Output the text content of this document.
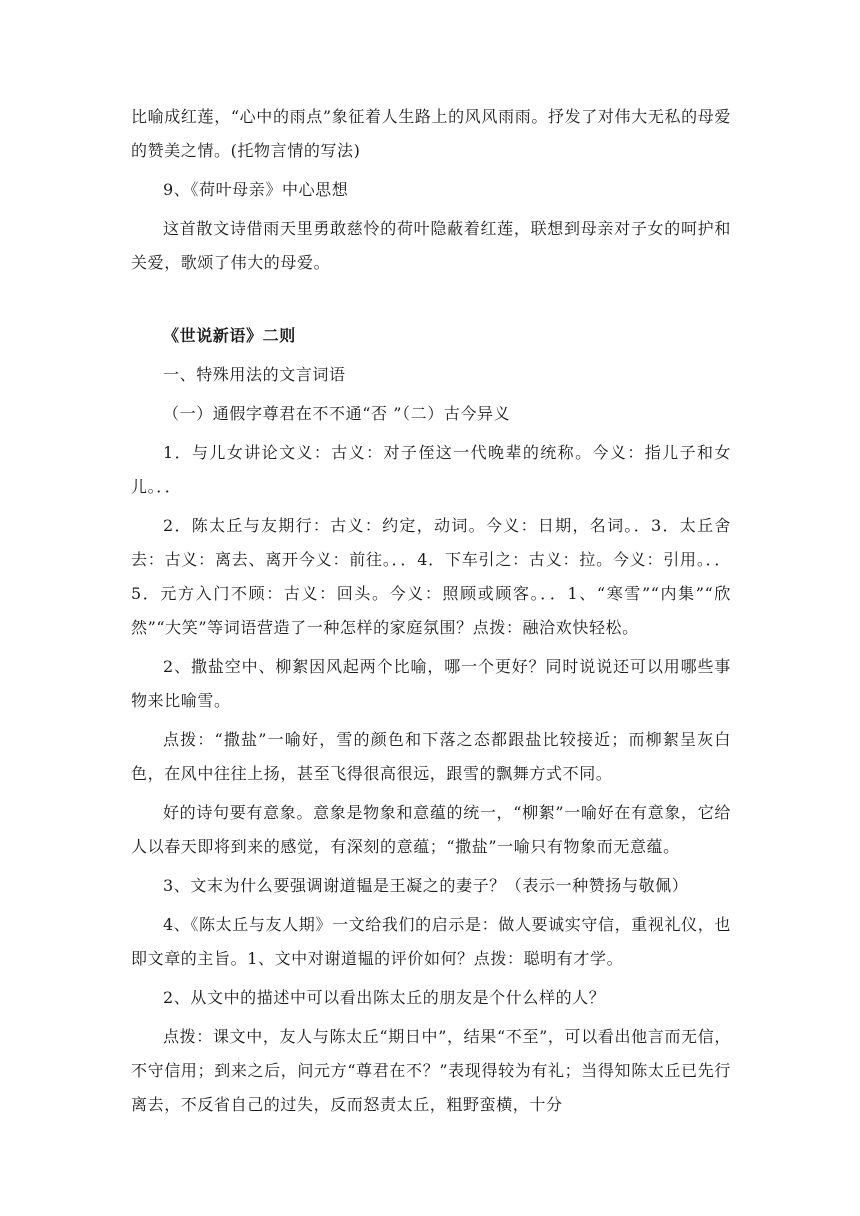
比喻成红莲，“心中的雨点”象征着人生路上的风风雨雨。抒发了对伟大无私的母爱的赞美之情。(托物言情的写法)

9、《荷叶母亲》中心思想

这首散文诗借雨天里勇敢慈怜的荷叶隐蔽着红莲，联想到母亲对子女的呵护和关爱，歌颂了伟大的母爱。

《世说新语》二则

一、特殊用法的文言词语

（一）通假字尊君在不不通“否 ”（二）古今异义

1．与儿女讲论文义：古义：对子侄这一代晚辈的统称。今义：指儿子和女儿。．．

2．陈太丘与友期行：古义：约定，动词。今义：日期，名词。．3．太丘舍去：古义：离去、离开今义：前往。．．4．下车引之：古义：拉。今义：引用。．．5．元方入门不顾：古义：回头。今义：照顾或顾客。．．1、“寒雪”“内集”“欣然”“大笑”等词语营造了一种怎样的家庭氛围？点拨：融洽欢快轻松。

2、撒盐空中、柳絮因风起两个比喻，哪一个更好？同时说说还可以用哪些事物来比喻雪。

点拨：“撒盐”一喻好，雪的颜色和下落之态都跟盐比较接近；而柳絮呈灰白色，在风中往往上扬，甚至飞得很高很远，跟雪的飘舞方式不同。

好的诗句要有意象。意象是物象和意蕴的统一，“柳絮”一喻好在有意象，它给人以春天即将到来的感觉，有深刻的意蕴；“撒盐”一喻只有物象而无意蕴。

3、文末为什么要强调谢道韫是王凝之的妻子？（表示一种赞扬与敬佩）

4、《陈太丘与友人期》一文给我们的启示是：做人要诚实守信，重视礼仪，也即文章的主旨。1、文中对谢道韫的评价如何？点拨：聪明有才学。

2、从文中的描述中可以看出陈太丘的朋友是个什么样的人？

点拨：课文中，友人与陈太丘“期日中”，结果“不至”，可以看出他言而无信，不守信用；到来之后，问元方“尊君在不？”表现得较为有礼；当得知陈太丘已先行离去，不反省自己的过失，反而怒责太丘，粗野蛮横，十分
